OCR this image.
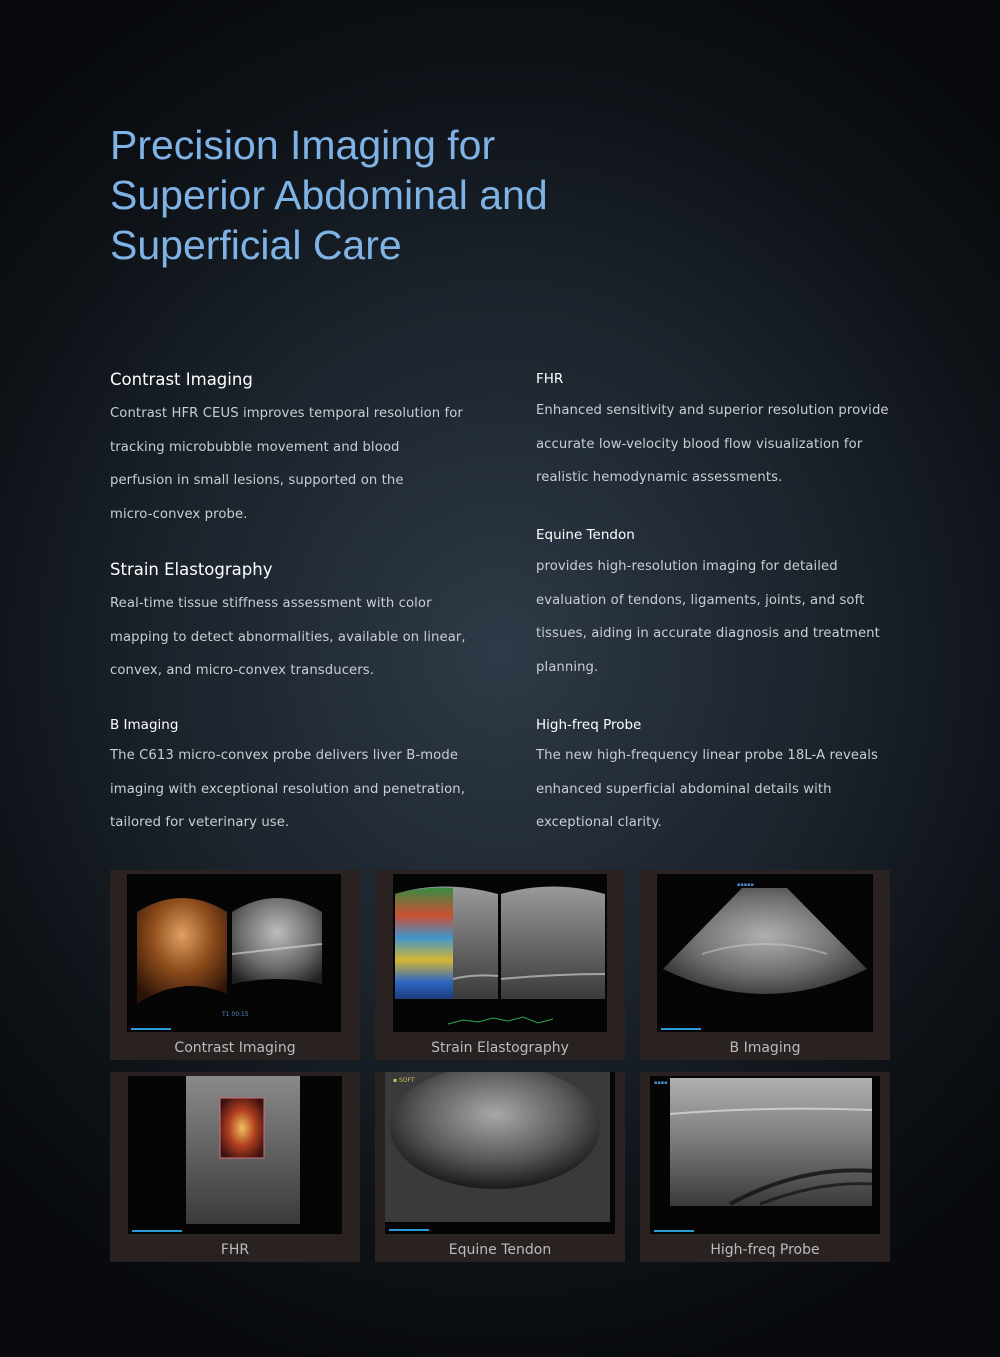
Precision Imaging for
Superior Abdominal and
Superficial Care
Contrast Imaging

Contrast HFR CEUS improves temporal resolution for
tracking microbubble movement and blood
perfusion in small lesions, supported on the
micro-convex probe.

Strain Elastography

Real-time tissue stiffness assessment with color
mapping to detect abnormalities, available on linear,
convex, and micro-convex transducers.

B Imaging

The C613 micro-convex probe delivers liver B-mode
imaging with exceptional resolution and penetration,
tailored for veterinary use.

FHR

Enhanced sensitivity and superior resolution provide
accurate low-velocity blood flow visualization for
realistic hemodynamic assessments.

Equine Tendon

provides high-resolution imaging for detailed
evaluation of tendons, ligaments, joints, and soft
tissues, aiding in accurate diagnosis and treatment
planning.

High-freq Probe

The new high-frequency linear probe 18L-A reveals
enhanced superficial abdominal details with
exceptional clarity.

T1 00:15
Contrast Imaging	Strain Elastography
▪▪▪▪▪
B Imaging
FHR
▪ SOFT
Equine Tendon
▪▪▪▪
High-freq Probe
